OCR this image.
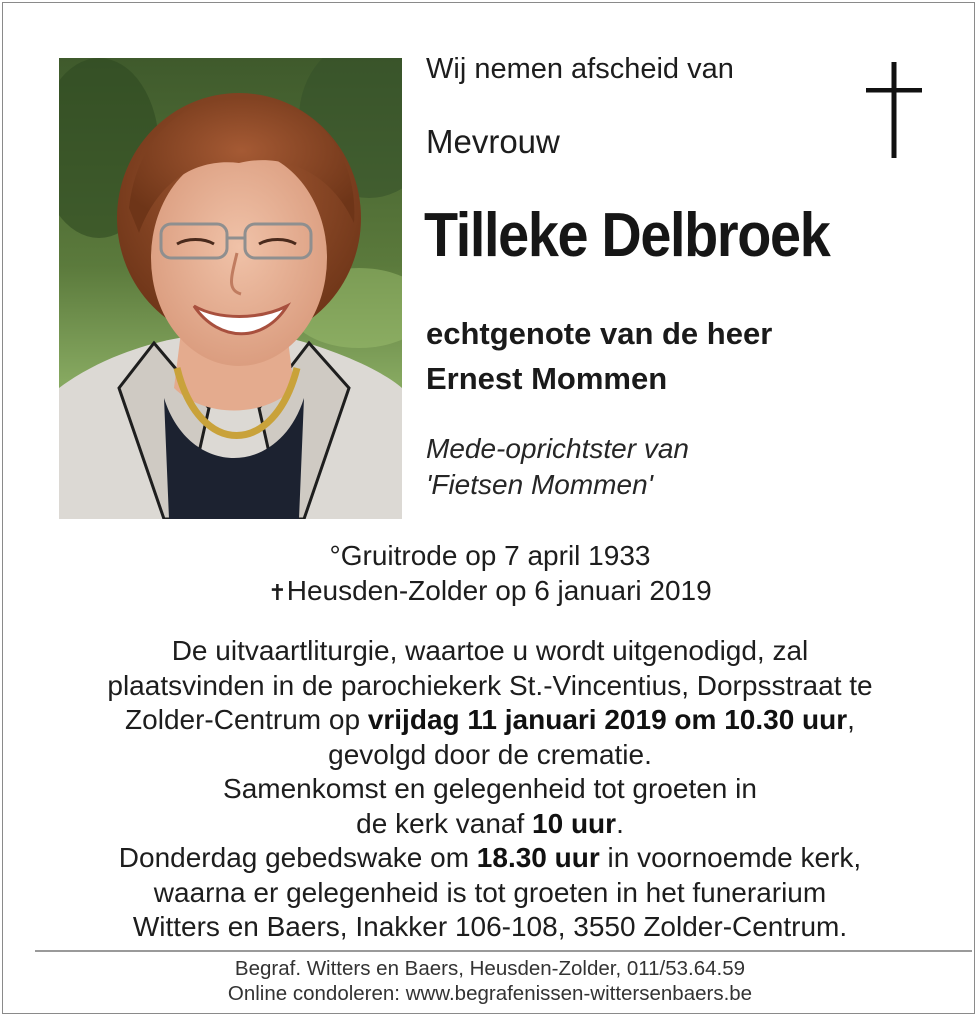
Wij nemen afscheid van
Mevrouw
Tilleke Delbroek
echtgenote van de heer
Ernest Mommen
Mede-oprichtster van
'Fietsen Mommen'
°Gruitrode op 7 april 1933
✝Heusden-Zolder op 6 januari 2019
De uitvaartliturgie, waartoe u wordt uitgenodigd, zal
plaatsvinden in de parochiekerk St.-Vincentius, Dorpsstraat te
Zolder-Centrum op vrijdag 11 januari 2019 om 10.30 uur,
gevolgd door de crematie.
Samenkomst en gelegenheid tot groeten in
de kerk vanaf 10 uur.
Donderdag gebedswake om 18.30 uur in voornoemde kerk,
waarna er gelegenheid is tot groeten in het funerarium
Witters en Baers, Inakker 106-108, 3550 Zolder-Centrum.
Begraf. Witters en Baers, Heusden-Zolder, 011/53.64.59
Online condoleren: www.begrafenissen-wittersenbaers.be
